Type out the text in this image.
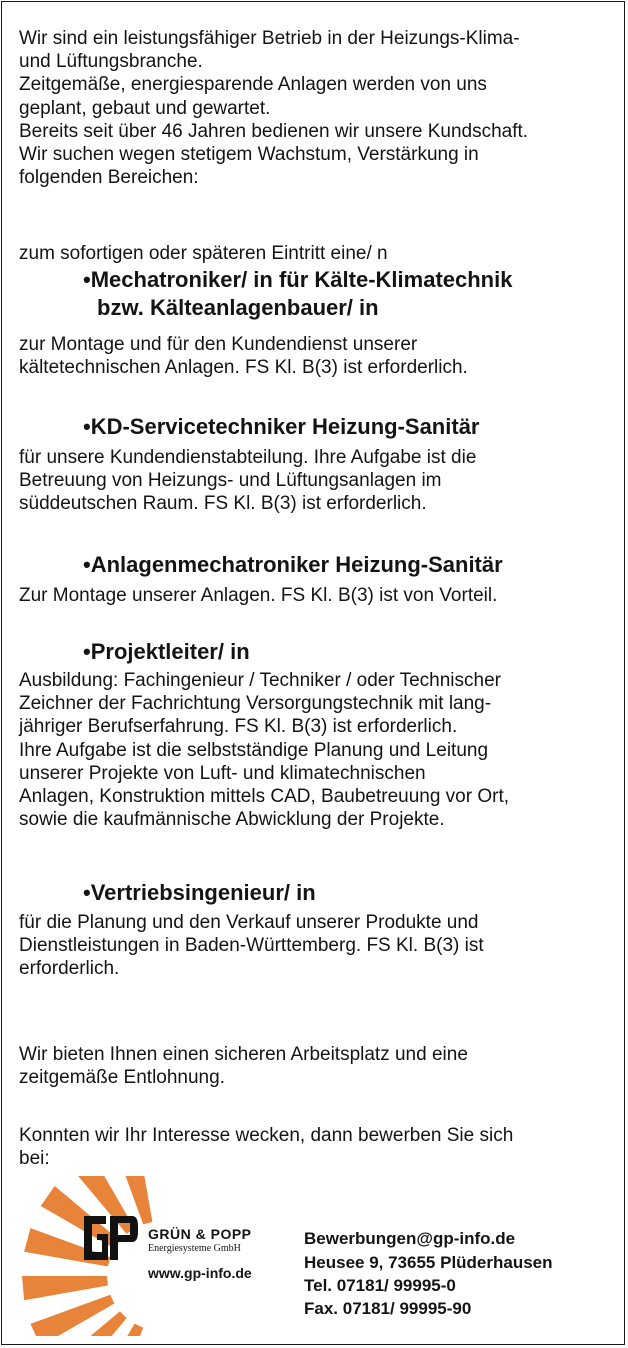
Wir sind ein leistungsfähiger Betrieb in der Heizungs-Klima-
und Lüftungsbranche.
Zeitgemäße, energiesparende Anlagen werden von uns
geplant, gebaut und gewartet.
Bereits seit über 46 Jahren bedienen wir unsere Kundschaft.
Wir suchen wegen stetigem Wachstum, Verstärkung in
folgenden Bereichen:
zum sofortigen oder späteren Eintritt eine/ n
•Mechatroniker/ in für Kälte-Klimatechnik
bzw. Kälteanlagenbauer/ in
zur Montage und für den Kundendienst unserer
kältetechnischen Anlagen. FS Kl. B(3) ist erforderlich.
•KD-Servicetechniker Heizung-Sanitär
für unsere Kundendienstabteilung. Ihre Aufgabe ist die
Betreuung von Heizungs- und Lüftungsanlagen im
süddeutschen Raum. FS Kl. B(3) ist erforderlich.
•Anlagenmechatroniker Heizung-Sanitär
Zur Montage unserer Anlagen. FS Kl. B(3) ist von Vorteil.
•Projektleiter/ in
Ausbildung: Fachingenieur / Techniker / oder Technischer
Zeichner der Fachrichtung Versorgungstechnik mit lang-
jähriger Berufserfahrung. FS Kl. B(3) ist erforderlich.
Ihre Aufgabe ist die selbstständige Planung und Leitung
unserer Projekte von Luft- und klimatechnischen
Anlagen, Konstruktion mittels CAD, Baubetreuung vor Ort,
sowie die kaufmännische Abwicklung der Projekte.
•Vertriebsingenieur/ in
für die Planung und den Verkauf unserer Produkte und
Dienstleistungen in Baden-Württemberg. FS Kl. B(3) ist
erforderlich.
Wir bieten Ihnen einen sicheren Arbeitsplatz und eine
zeitgemäße Entlohnung.
Konnten wir Ihr Interesse wecken, dann bewerben Sie sich
bei:
GRÜN & POPP
Energiesysteme GmbH
www.gp-info.de
Bewerbungen@gp-info.de
Heusee 9, 73655 Plüderhausen
Tel. 07181/ 99995-0
Fax. 07181/ 99995-90
